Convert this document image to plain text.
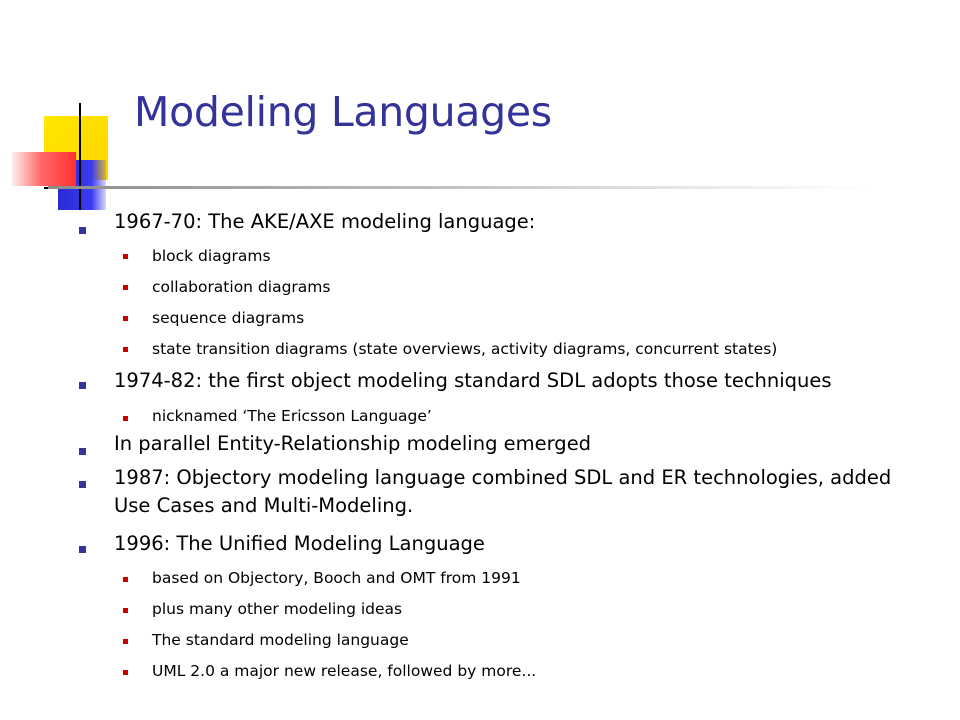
Modeling Languages
1967-70: The AKE/AXE modeling language:
block diagrams
collaboration diagrams
sequence diagrams
state transition diagrams (state overviews, activity diagrams, concurrent states)
1974-82: the first object modeling standard SDL adopts those techniques
nicknamed ‘The Ericsson Language’
In parallel Entity-Relationship modeling emerged
1987: Objectory modeling language combined SDL and ER technologies, added Use Cases and Multi-Modeling.
1996: The Unified Modeling Language
based on Objectory, Booch and OMT from 1991
plus many other modeling ideas
The standard modeling language
UML 2.0 a major new release, followed by more...
